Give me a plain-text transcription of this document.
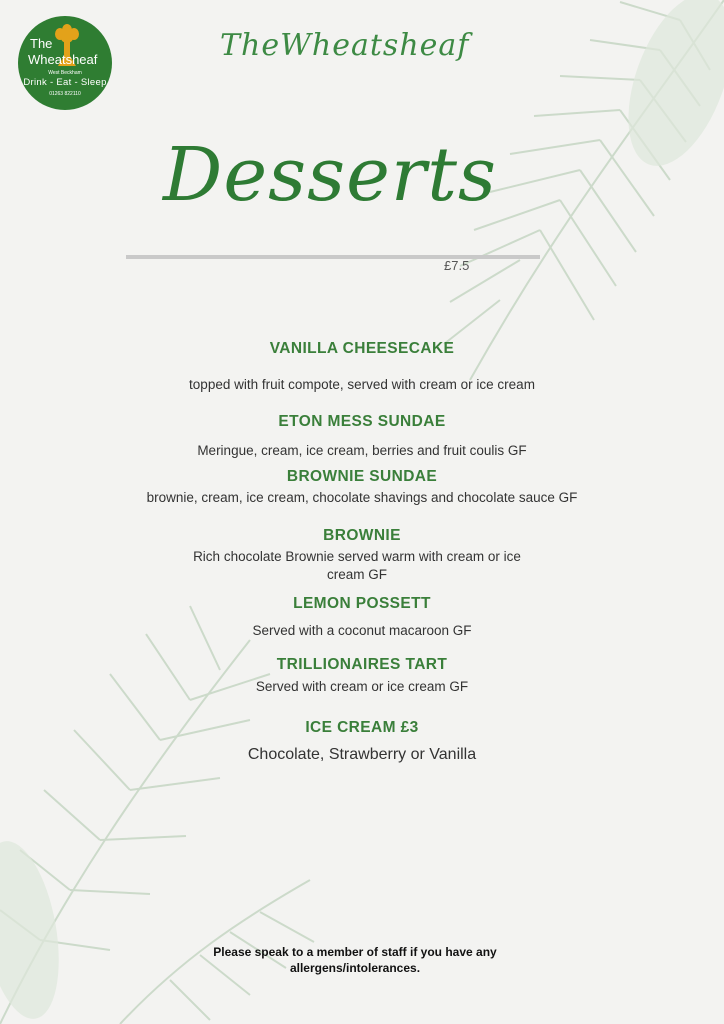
The
Wheatsheaf
West Beckham
Drink - Eat - Sleep
01263 822110
TheWheatsheaf
Desserts
£7.5
VANILLA CHEESECAKE
topped with fruit compote, served with cream or ice cream
ETON MESS SUNDAE
Meringue, cream, ice cream, berries and fruit coulis GF
BROWNIE SUNDAE
brownie, cream, ice cream, chocolate shavings and chocolate sauce GF
BROWNIE
Rich chocolate Brownie served warm with cream or ice cream GF
LEMON POSSETT
Served with a coconut macaroon GF
TRILLIONAIRES TART
Served with cream or ice cream GF
ICE CREAM £3
Chocolate, Strawberry or Vanilla
Please speak to a member of staff if you have any allergens/intolerances.
